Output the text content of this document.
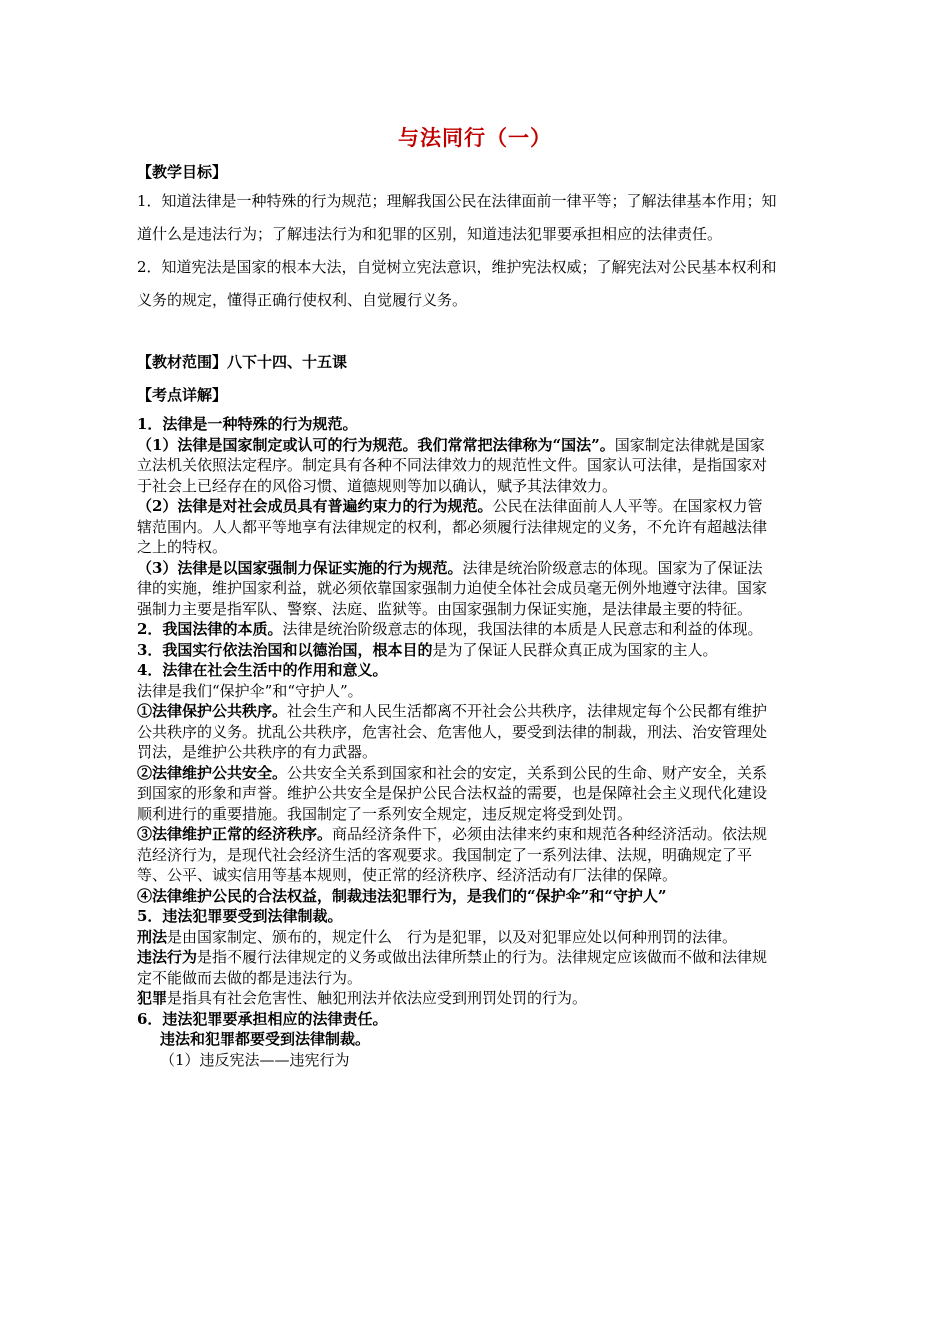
与法同行（一）
【教学目标】

1．知道法律是一种特殊的行为规范；理解我国公民在法律面前一律平等；了解法律基本作用；知道什么是违法行为；了解违法行为和犯罪的区别，知道违法犯罪要承担相应的法律责任。

2．知道宪法是国家的根本大法，自觉树立宪法意识，维护宪法权威；了解宪法对公民基本权利和义务的规定，懂得正确行使权利、自觉履行义务。

【教材范围】八下十四、十五课
【考点详解】

1．法律是一种特殊的行为规范。

（1）法律是国家制定或认可的行为规范。我们常常把法律称为“国法”。国家制定法律就是国家立法机关依照法定程序。制定具有各种不同法律效力的规范性文件。国家认可法律，是指国家对于社会上已经存在的风俗习惯、道德规则等加以确认，赋予其法律效力。

（2）法律是对社会成员具有普遍约束力的行为规范。公民在法律面前人人平等。在国家权力管辖范围内。人人都平等地享有法律规定的权利，都必须履行法律规定的义务，不允许有超越法律之上的特权。

（3）法律是以国家强制力保证实施的行为规范。法律是统治阶级意志的体现。国家为了保证法律的实施，维护国家利益，就必须依靠国家强制力迫使全体社会成员毫无例外地遵守法律。国家强制力主要是指军队、警察、法庭、监狱等。由国家强制力保证实施，是法律最主要的特征。

2．我国法律的本质。法律是统治阶级意志的体现，我国法律的本质是人民意志和利益的体现。

3．我国实行依法治国和以德治国，根本目的是为了保证人民群众真正成为国家的主人。

4．法律在社会生活中的作用和意义。

法律是我们“保护伞”和“守护人”。

①法律保护公共秩序。社会生产和人民生活都离不开社会公共秩序，法律规定每个公民都有维护公共秩序的义务。扰乱公共秩序，危害社会、危害他人，要受到法律的制裁，刑法、治安管理处罚法，是维护公共秩序的有力武器。

②法律维护公共安全。公共安全关系到国家和社会的安定，关系到公民的生命、财产安全，关系到国家的形象和声誉。维护公共安全是保护公民合法权益的需要，也是保障社会主义现代化建设顺利进行的重要措施。我国制定了一系列安全规定，违反规定将受到处罚。

③法律维护正常的经济秩序。商品经济条件下，必须由法律来约束和规范各种经济活动。依法规范经济行为，是现代社会经济生活的客观要求。我国制定了一系列法律、法规，明确规定了平等、公平、诚实信用等基本规则，使正常的经济秩序、经济活动有厂法律的保障。

④法律维护公民的合法权益，制裁违法犯罪行为，是我们的“保护伞”和“守护人”

5．违法犯罪要受到法律制裁。

刑法是由国家制定、颁布的，规定什么　行为是犯罪，以及对犯罪应处以何种刑罚的法律。

违法行为是指不履行法律规定的义务或做出法律所禁止的行为。法律规定应该做而不做和法律规定不能做而去做的都是违法行为。

犯罪是指具有社会危害性、触犯刑法并依法应受到刑罚处罚的行为。

6．违法犯罪要承担相应的法律责任。

违法和犯罪都要受到法律制裁。

（1）违反宪法——违宪行为
